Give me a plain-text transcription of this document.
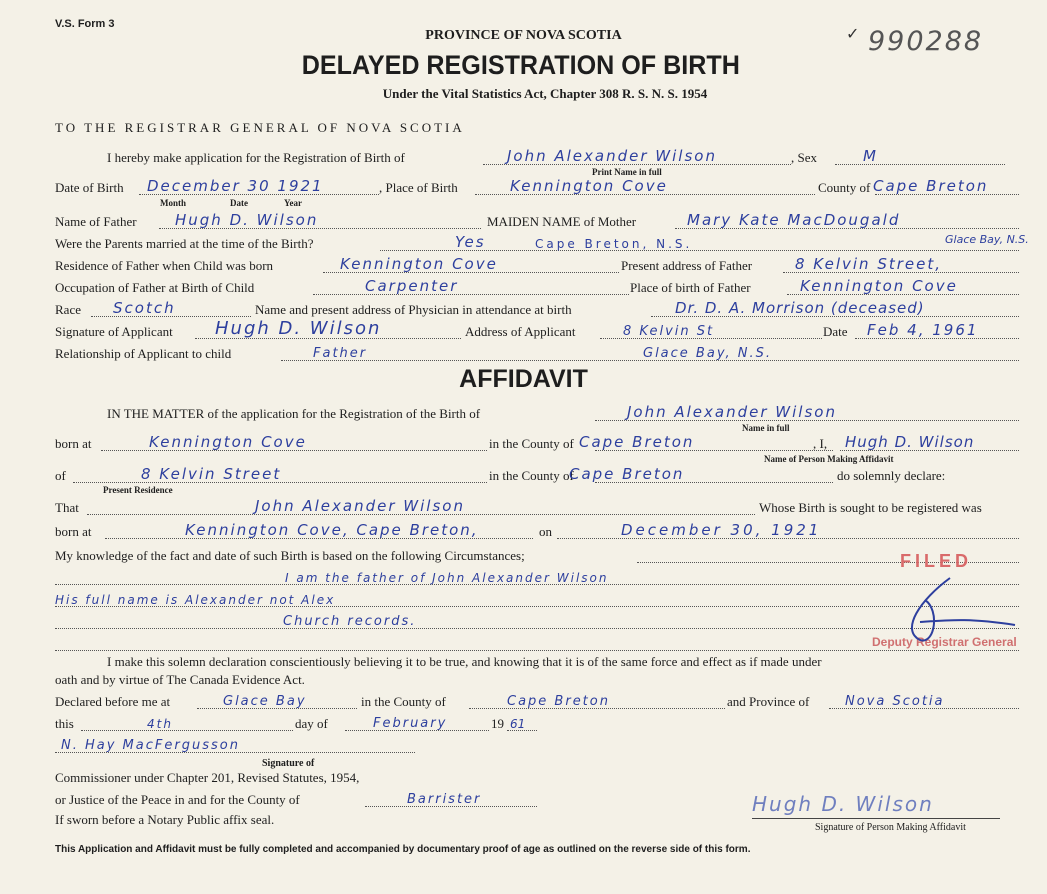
V.S. Form 3	✓ 990288
PROVINCE OF NOVA SCOTIA
DELAYED REGISTRATION OF BIRTH
Under the Vital Statistics Act, Chapter 308 R. S. N. S. 1954
TO THE REGISTRAR GENERAL OF NOVA SCOTIA
I hereby make application for the Registration of Birth of	John Alexander Wilson	, Sex	M
Print Name in full
Date of Birth December 30 1921	, Place of Birth	Kennington Cove	County of Cape Breton
Month	Date	Year
Name of Father	Hugh D. Wilson	MAIDEN NAME of Mother	Mary Kate MacDougald
Were the Parents married at the time of the Birth?	Yes	Cape Breton, N.S.	Glace Bay, N.S.
Residence of Father when Child was born	Kennington Cove	Present address of Father	8 Kelvin Street,
Occupation of Father at Birth of Child	Carpenter	Place of birth of Father	Kennington Cove
Race Scotch	Name and present address of Physician in attendance at birth	Dr. D. A. Morrison (deceased)
Signature of Applicant Hugh D. Wilson	Address of Applicant	8 Kelvin St	Date Feb 4, 1961
Relationship of Applicant to child	Father	Glace Bay, N.S.
AFFIDAVIT
IN THE MATTER of the application for the Registration of the Birth of	John Alexander Wilson
Name in full
born at	Kennington Cove	in the County of Cape Breton	, I, Hugh D. Wilson
Name of Person Making Affidavit
of	8 Kelvin Street	in the County of
Cape Breton	do solemnly declare:
Present Residence
That	John Alexander Wilson	Whose Birth is sought to be registered was
born at	Kennington Cove, Cape Breton,	on	December 30, 1921
My knowledge of the fact and date of such Birth is based on the following Circumstances;
I am the father of John Alexander Wilson
His full name is Alexander not Alex
Church records.
FILED
Deputy Registrar General
I make this solemn declaration conscientiously believing it to be true, and knowing that it is of the same force and effect as if made under
oath and by virtue of The Canada Evidence Act.
Declared before me at	Glace Bay	in the County of	Cape Breton	and Province of	Nova Scotia
this	4th	day of	February	19 61
N. Hay MacFergusson
Signature of
Commissioner under Chapter 201, Revised Statutes, 1954,
or Justice of the Peace in and for the County of	Barrister
If sworn before a Notary Public affix seal.
Hugh D. Wilson
Signature of Person Making Affidavit
This Application and Affidavit must be fully completed and accompanied by documentary proof of age as outlined on the reverse side of this form.
